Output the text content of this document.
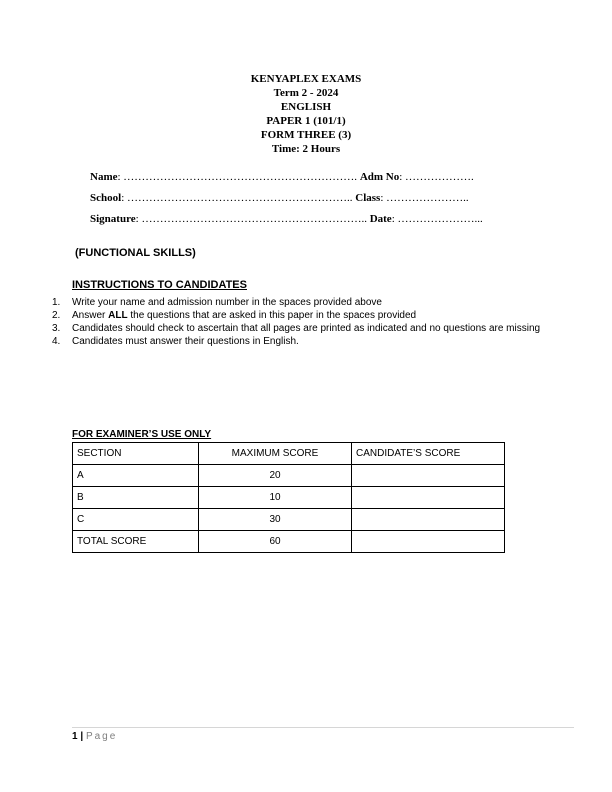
KENYAPLEX EXAMS
Term 2 - 2024
ENGLISH
PAPER 1 (101/1)
FORM THREE (3)
Time: 2 Hours
Name: ………………………………………………………. Adm No: ……………….
School: …………………………………………………….. Class: …………………..
Signature: …………………………………………………….. Date: …………………...
(FUNCTIONAL SKILLS)
INSTRUCTIONS TO CANDIDATES
1.	Write your name and admission number in the spaces provided above
2.	Answer ALL the questions that are asked in this paper in the spaces provided
3.	Candidates should check to ascertain that all pages are printed as indicated and no questions are missing
4.	Candidates must answer their questions in English.
FOR EXAMINER’S USE ONLY
SECTION	MAXIMUM SCORE	CANDIDATE’S SCORE
A	20	
B	10	
C	30	
TOTAL SCORE	60	
1 | Page
